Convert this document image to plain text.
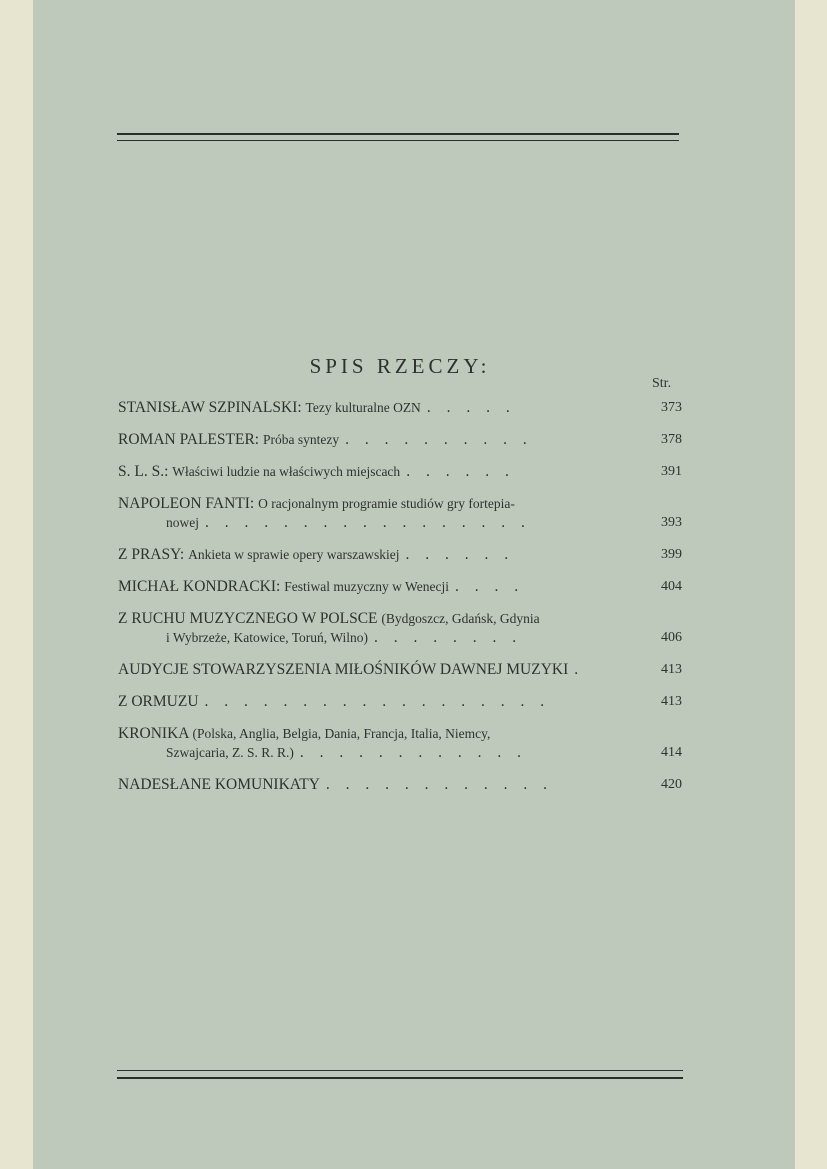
SPIS RZECZY:
Str.
STANISŁAW SZPINALSKI: Tezy kulturalne OZN . . . . .	373
ROMAN PALESTER: Próba syntezy . . . . . . . . . .	378
S. L. S.: Właściwi ludzie na właściwych miejscach . . . . . .	391
NAPOLEON FANTI: O racjonalnym programie studiów gry fortepia-
nowej . . . . . . . . . . . . . . . . .	393
Z PRASY: Ankieta w sprawie opery warszawskiej . . . . . .	399
MICHAŁ KONDRACKI: Festiwal muzyczny w Wenecji . . . .	404
Z RUCHU MUZYCZNEGO W POLSCE (Bydgoszcz, Gdańsk, Gdynia
i Wybrzeże, Katowice, Toruń, Wilno) . . . . . . . .	406
AUDYCJE STOWARZYSZENIA MIŁOŚNIKÓW DAWNEJ MUZYKI .	413
Z ORMUZU . . . . . . . . . . . . . . . . . .	413
KRONIKA (Polska, Anglia, Belgia, Dania, Francja, Italia, Niemcy,
Szwajcaria, Z. S. R. R.) . . . . . . . . . . . .	414
NADESŁANE KOMUNIKATY . . . . . . . . . . . .	420
